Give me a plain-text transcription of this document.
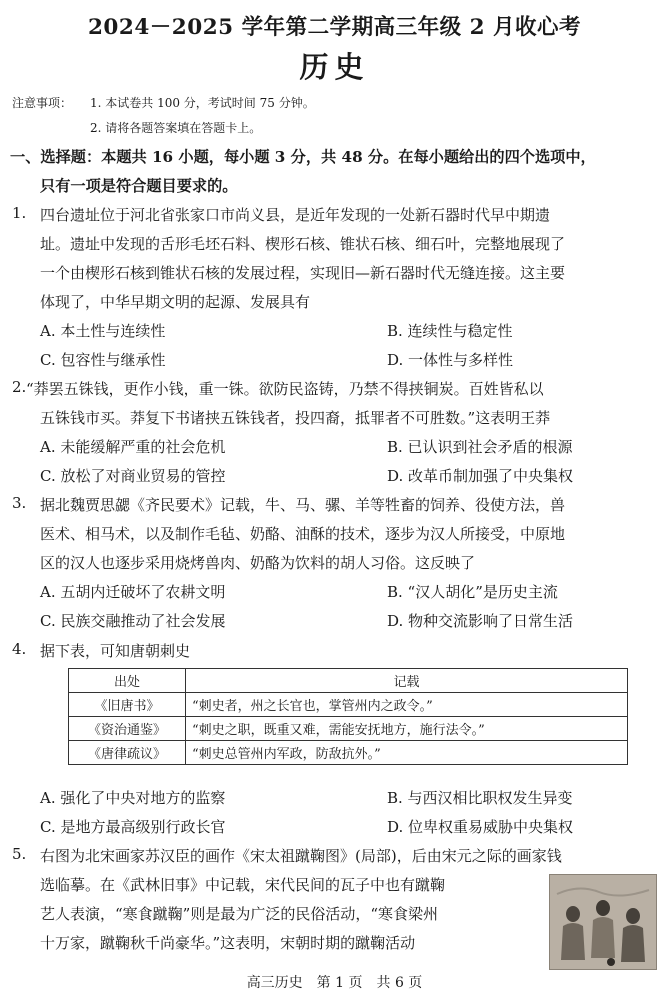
2024－2025 学年第二学期高三年级 2 月收心考
历史
注意事项： 1. 本试卷共 100 分，考试时间 75 分钟。
2. 请将各题答案填在答题卡上。
一、选择题：本题共 16 小题，每小题 3 分，共 48 分。在每小题给出的四个选项中，
只有一项是符合题目要求的。
1. 四台遗址位于河北省张家口市尚义县，是近年发现的一处新石器时代早中期遗
址。遗址中发现的舌形毛坯石料、楔形石核、锥状石核、细石叶，完整地展现了
一个由楔形石核到锥状石核的发展过程，实现旧—新石器时代无缝连接。这主要
体现了，中华早期文明的起源、发展具有
A. 本土性与连续性	B. 连续性与稳定性
C. 包容性与继承性	D. 一体性与多样性
2. “莽罢五铢钱，更作小钱，重一铢。欲防民盗铸，乃禁不得挟铜炭。百姓皆私以
五铢钱市买。莽复下书诸挟五铢钱者，投四裔，抵罪者不可胜数。”这表明王莽
A. 未能缓解严重的社会危机	B. 已认识到社会矛盾的根源
C. 放松了对商业贸易的管控	D. 改革币制加强了中央集权
3. 据北魏贾思勰《齐民要术》记载，牛、马、骡、羊等牲畜的饲养、役使方法，兽
医术、相马术，以及制作毛毡、奶酪、油酥的技术，逐步为汉人所接受，中原地
区的汉人也逐步采用烧烤兽肉、奶酪为饮料的胡人习俗。这反映了
A. 五胡内迁破坏了农耕文明	B. “汉人胡化”是历史主流
C. 民族交融推动了社会发展	D. 物种交流影响了日常生活
4. 据下表，可知唐朝刺史
出处	记载
《旧唐书》	“刺史者，州之长官也，掌管州内之政令。”
《资治通鉴》	“刺史之职，既重又难，需能安抚地方，施行法令。”
《唐律疏议》	“刺史总管州内军政，防敌抗外。”
A. 强化了中央对地方的监察	B. 与西汉相比职权发生异变
C. 是地方最高级别行政长官	D. 位卑权重易威胁中央集权
5. 右图为北宋画家苏汉臣的画作《宋太祖蹴鞠图》(局部)，后由宋元之际的画家钱
选临摹。在《武林旧事》中记载，宋代民间的瓦子中也有蹴鞠
艺人表演，“寒食蹴鞠”则是最为广泛的民俗活动，“寒食梁州
十万家，蹴鞠秋千尚豪华。”这表明，宋朝时期的蹴鞠活动
高三历史　第 1 页　共 6 页
